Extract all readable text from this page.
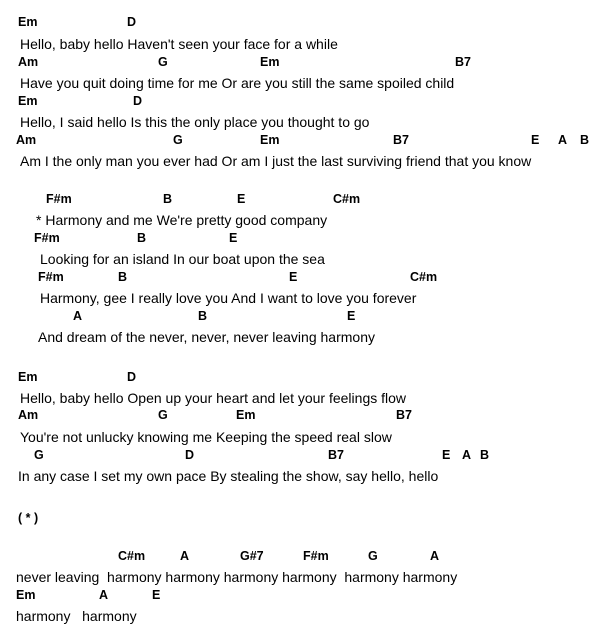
Em	D
Hello, baby hello Haven't seen your face for a while
Am	G	Em	B7
Have you quit doing time for me Or are you still the same spoiled child
Em	D
Hello, I said hello Is this the only place you thought to go
Am	G	Em	B7	E A B
Am I the only man you ever had Or am I just the last surviving friend that you know
F#m	B	E	C#m
* Harmony and me We're pretty good company
F#m	B	E
Looking for an island In our boat upon the sea
F#m	B	E	C#m
Harmony, gee I really love you And I want to love you forever
A	B	E
And dream of the never, never, never leaving harmony
Em	D
Hello, baby hello Open up your heart and let your feelings flow
Am	G	Em	B7
You're not unlucky knowing me Keeping the speed real slow
G	D	B7	E A B
In any case I set my own pace By stealing the show, say hello, hello
( * )
C#m	A	G#7	F#m	G	A
never leaving  harmony harmony harmony harmony  harmony harmony
Em	A	E
harmony   harmony
